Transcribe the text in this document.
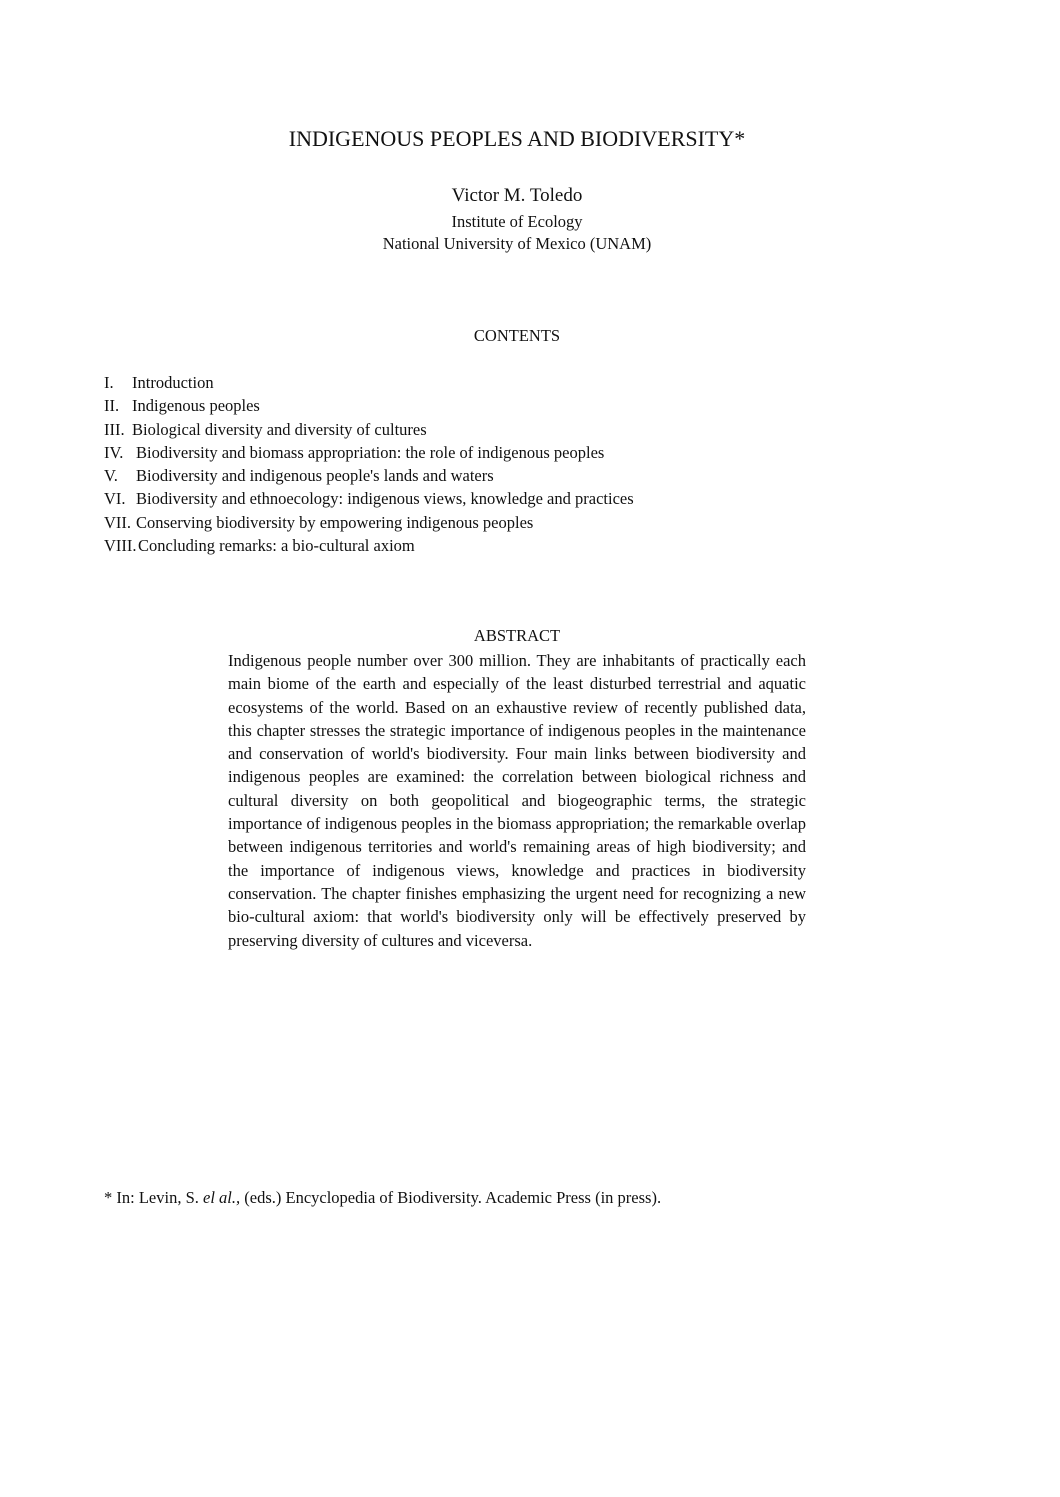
INDIGENOUS PEOPLES AND BIODIVERSITY*
Victor M. Toledo
Institute of Ecology
National University of Mexico (UNAM)
CONTENTS
I. Introduction
II. Indigenous peoples
III. Biological diversity and diversity of cultures
IV. Biodiversity and biomass appropriation: the role of indigenous peoples
V. Biodiversity and indigenous people's lands and waters
VI. Biodiversity and ethnoecology: indigenous views, knowledge and practices
VII. Conserving biodiversity by empowering indigenous peoples
VIII.Concluding remarks: a bio-cultural axiom
ABSTRACT
Indigenous people number over 300 million. They are inhabitants of practically each main biome of the earth and especially of the least disturbed terrestrial and aquatic ecosystems of the world. Based on an exhaustive review of recently published data, this chapter stresses the strategic importance of indigenous peoples in the maintenance and conservation of world's biodiversity. Four main links between biodiversity and indigenous peoples are examined: the correlation between biological richness and cultural diversity on both geopolitical and biogeographic terms, the strategic importance of indigenous peoples in the biomass appropriation; the remarkable overlap between indigenous territories and world's remaining areas of high biodiversity; and the importance of indigenous views, knowledge and practices in biodiversity conservation. The chapter finishes emphasizing the urgent need for recognizing a new bio-cultural axiom: that world's biodiversity only will be effectively preserved by preserving diversity of cultures and viceversa.
* In: Levin, S. el al., (eds.) Encyclopedia of Biodiversity. Academic Press (in press).
